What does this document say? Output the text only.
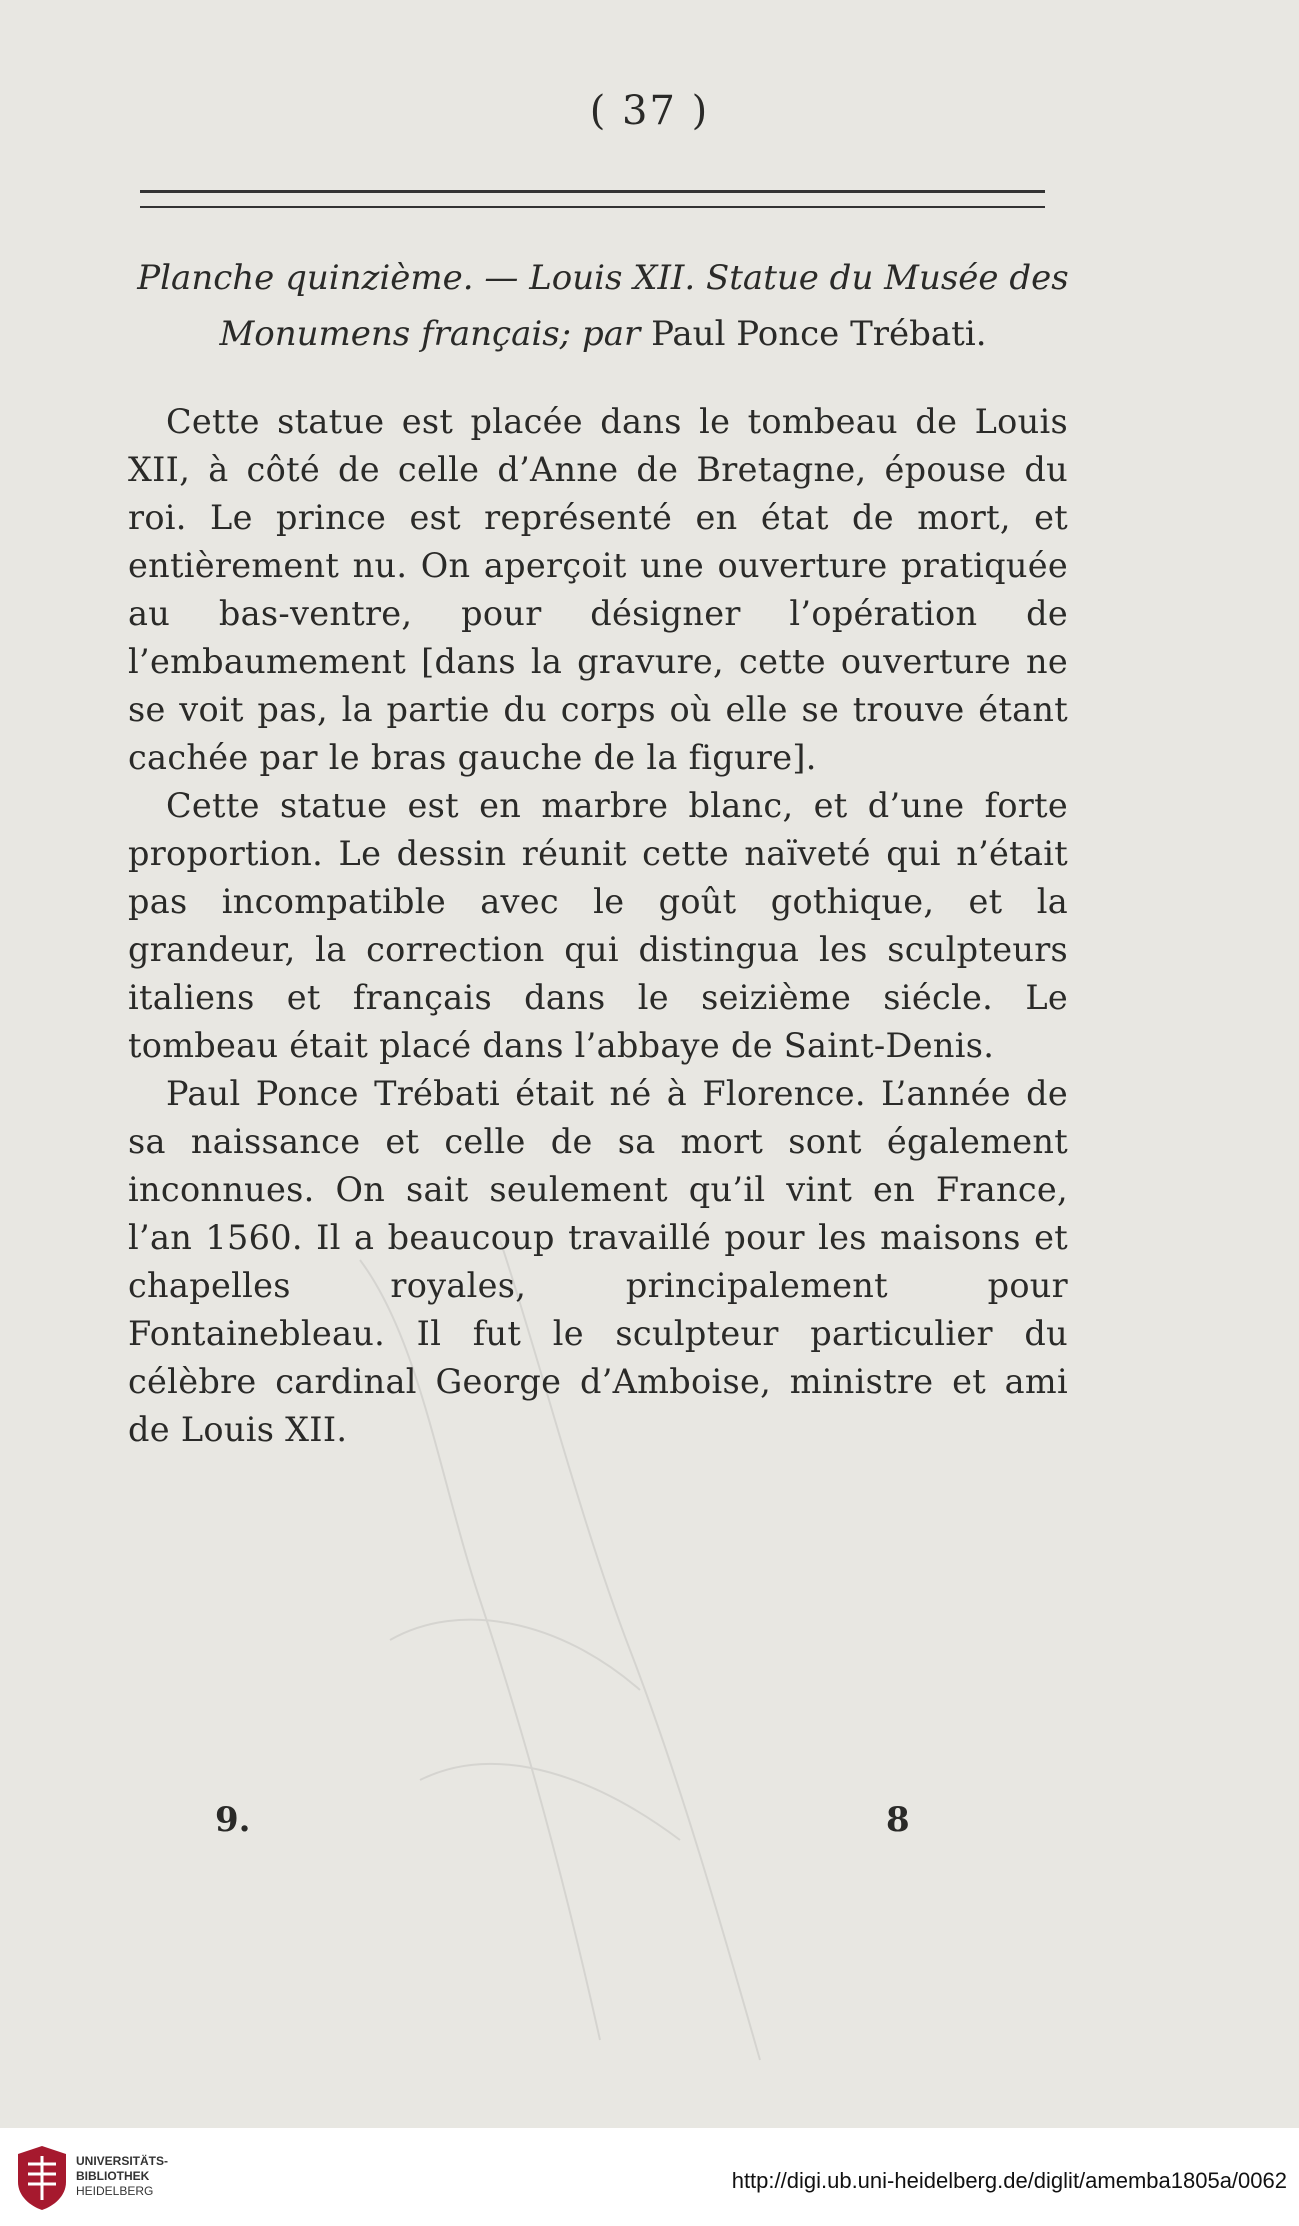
( 37 )
Planche quinzième. — Louis XII. Statue du Musée des
Monumens français; par Paul Ponce Trébati.

Cette statue est placée dans le tombeau de Louis XII, à côté de celle d’Anne de Bretagne, épouse du roi. Le prince est représenté en état de mort, et entièrement nu. On aperçoit une ouverture pratiquée au bas-ventre, pour désigner l’opération de l’embaumement [dans la gravure, cette ouverture ne se voit pas, la partie du corps où elle se trouve étant cachée par le bras gauche de la figure].

Cette statue est en marbre blanc, et d’une forte proportion. Le dessin réunit cette naïveté qui n’était pas incompatible avec le goût gothique, et la grandeur, la correction qui distingua les sculpteurs italiens et français dans le seizième siécle. Le tombeau était placé dans l’abbaye de Saint-Denis.

Paul Ponce Trébati était né à Florence. L’année de sa naissance et celle de sa mort sont également inconnues. On sait seulement qu’il vint en France, l’an 1560. Il a beaucoup travaillé pour les maisons et chapelles royales, principalement pour Fontainebleau. Il fut le sculpteur particulier du célèbre cardinal George d’Amboise, ministre et ami de Louis XII.

9.	8
UNIVERSITÄTS-
BIBLIOTHEK
HEIDELBERG	http://digi.ub.uni-heidelberg.de/diglit/amemba1805a/0062
